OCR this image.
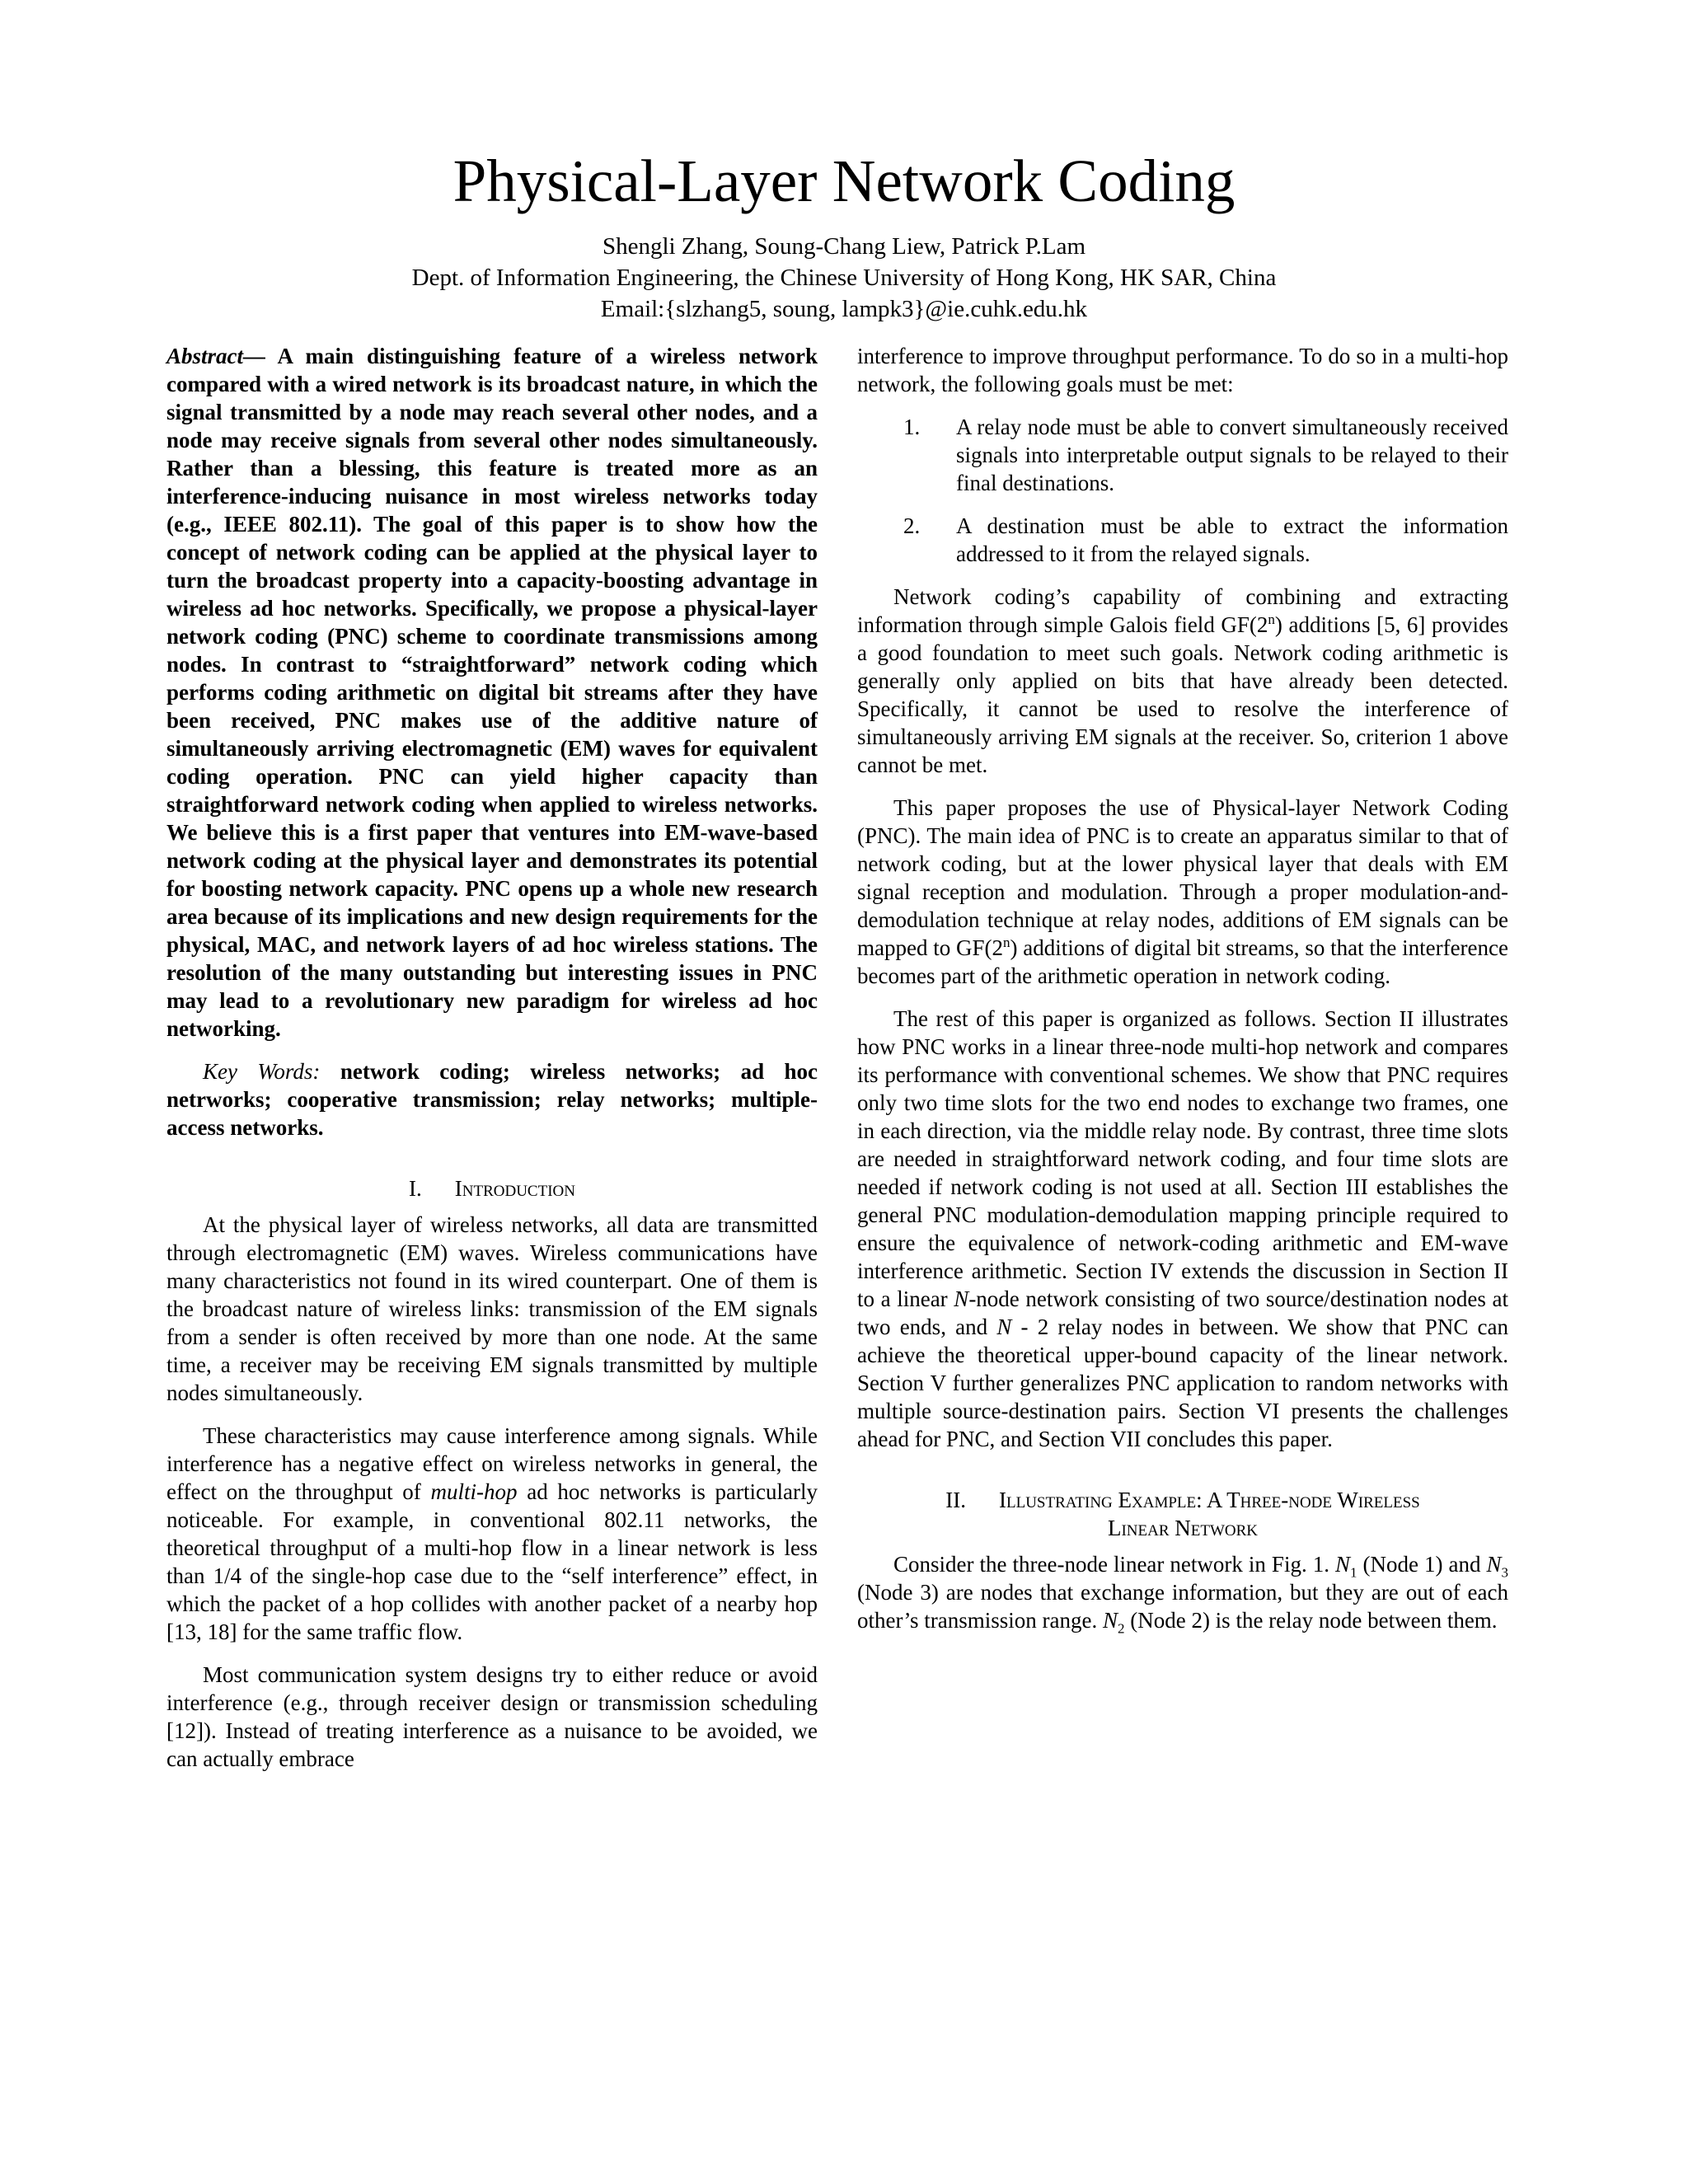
Physical-Layer Network Coding

Shengli Zhang, Soung-Chang Liew, Patrick P.Lam

Dept. of Information Engineering, the Chinese University of Hong Kong, HK SAR, China

Email:{slzhang5, soung, lampk3}@ie.cuhk.edu.hk

Abstract— A main distinguishing feature of a wireless network compared with a wired network is its broadcast nature, in which the signal transmitted by a node may reach several other nodes, and a node may receive signals from several other nodes simultaneously. Rather than a blessing, this feature is treated more as an interference-inducing nuisance in most wireless networks today (e.g., IEEE 802.11). The goal of this paper is to show how the concept of network coding can be applied at the physical layer to turn the broadcast property into a capacity-boosting advantage in wireless ad hoc networks. Specifically, we propose a physical-layer network coding (PNC) scheme to coordinate transmissions among nodes. In contrast to “straightforward” network coding which performs coding arithmetic on digital bit streams after they have been received, PNC makes use of the additive nature of simultaneously arriving electromagnetic (EM) waves for equivalent coding operation. PNC can yield higher capacity than straightforward network coding when applied to wireless networks. We believe this is a first paper that ventures into EM-wave-based network coding at the physical layer and demonstrates its potential for boosting network capacity. PNC opens up a whole new research area because of its implications and new design requirements for the physical, MAC, and network layers of ad hoc wireless stations. The resolution of the many outstanding but interesting issues in PNC may lead to a revolutionary new paradigm for wireless ad hoc networking.

Key Words: network coding; wireless networks; ad hoc netrworks; cooperative transmission; relay networks; multiple-access networks.

I. Introduction

At the physical layer of wireless networks, all data are transmitted through electromagnetic (EM) waves. Wireless communications have many characteristics not found in its wired counterpart. One of them is the broadcast nature of wireless links: transmission of the EM signals from a sender is often received by more than one node. At the same time, a receiver may be receiving EM signals transmitted by multiple nodes simultaneously.

These characteristics may cause interference among signals. While interference has a negative effect on wireless networks in general, the effect on the throughput of multi-hop ad hoc networks is particularly noticeable. For example, in conventional 802.11 networks, the theoretical throughput of a multi-hop flow in a linear network is less than 1/4 of the single-hop case due to the “self interference” effect, in which the packet of a hop collides with another packet of a nearby hop [13, 18] for the same traffic flow.

Most communication system designs try to either reduce or avoid interference (e.g., through receiver design or transmission scheduling [12]). Instead of treating interference as a nuisance to be avoided, we can actually embrace

interference to improve throughput performance. To do so in a multi-hop network, the following goals must be met:

1. A relay node must be able to convert simultaneously received signals into interpretable output signals to be relayed to their final destinations.
2. A destination must be able to extract the information addressed to it from the relayed signals.

Network coding’s capability of combining and extracting information through simple Galois field GF(2$^n$) additions [5, 6] provides a good foundation to meet such goals. Network coding arithmetic is generally only applied on bits that have already been detected. Specifically, it cannot be used to resolve the interference of simultaneously arriving EM signals at the receiver. So, criterion 1 above cannot be met.

This paper proposes the use of Physical-layer Network Coding (PNC). The main idea of PNC is to create an apparatus similar to that of network coding, but at the lower physical layer that deals with EM signal reception and modulation. Through a proper modulation-and-demodulation technique at relay nodes, additions of EM signals can be mapped to GF(2$^n$) additions of digital bit streams, so that the interference becomes part of the arithmetic operation in network coding.

The rest of this paper is organized as follows. Section II illustrates how PNC works in a linear three-node multi-hop network and compares its performance with conventional schemes. We show that PNC requires only two time slots for the two end nodes to exchange two frames, one in each direction, via the middle relay node. By contrast, three time slots are needed in straightforward network coding, and four time slots are needed if network coding is not used at all. Section III establishes the general PNC modulation-demodulation mapping principle required to ensure the equivalence of network-coding arithmetic and EM-wave interference arithmetic. Section IV extends the discussion in Section II to a linear N-node network consisting of two source/destination nodes at two ends, and N - 2 relay nodes in between. We show that PNC can achieve the theoretical upper-bound capacity of the linear network. Section V further generalizes PNC application to random networks with multiple source-destination pairs. Section VI presents the challenges ahead for PNC, and Section VII concludes this paper.

II. Illustrating Example: A Three-node Wireless
Linear Network

Consider the three-node linear network in Fig. 1. $N_1$ (Node 1) and $N_3$ (Node 3) are nodes that exchange information, but they are out of each other’s transmission range. $N_2$ (Node 2) is the relay node between them.
